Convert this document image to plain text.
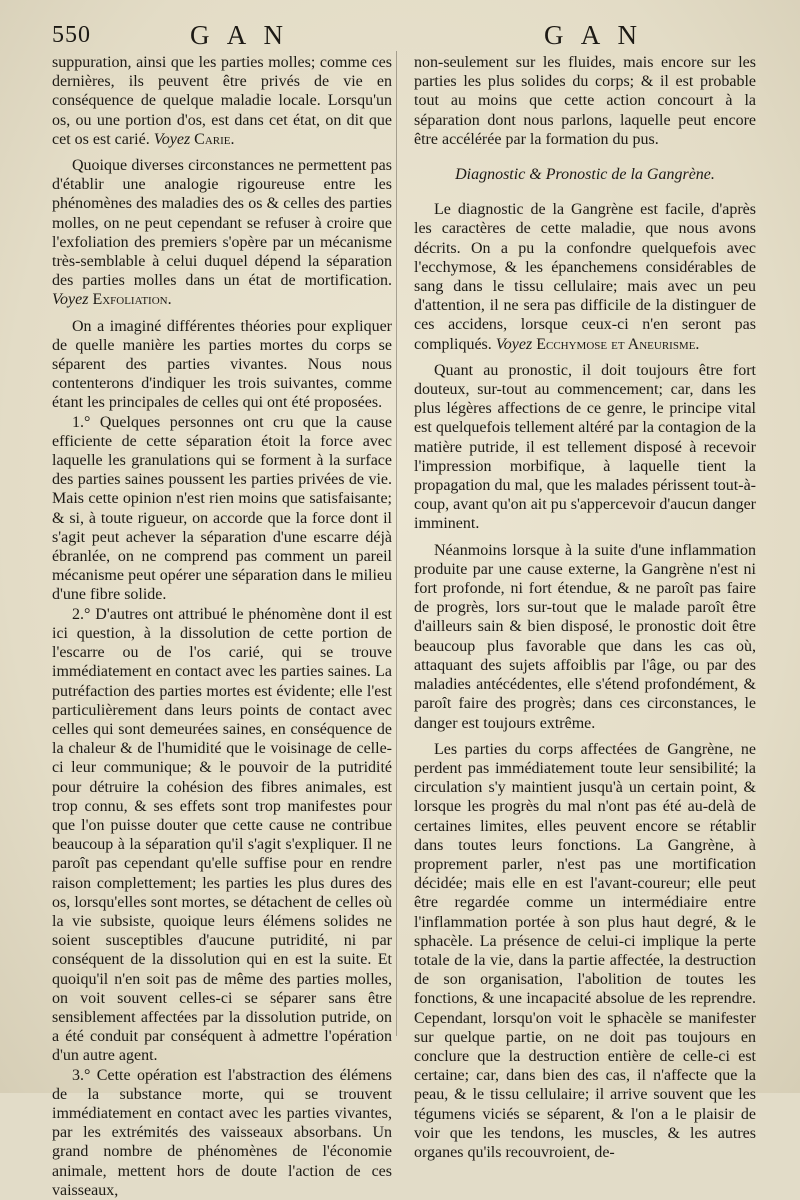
550	G A N	G A N

suppuration, ainsi que les parties molles; comme ces dernières, ils peuvent être privés de vie en conséquence de quelque maladie locale. Lorsqu'un os, ou une portion d'os, est dans cet état, on dit que cet os est carié. Voyez Carie.

Quoique diverses circonstances ne permettent pas d'établir une analogie rigoureuse entre les phénomènes des maladies des os & celles des parties molles, on ne peut cependant se refuser à croire que l'exfoliation des premiers s'opère par un mécanisme très-semblable à celui duquel dépend la séparation des parties molles dans un état de mortification. Voyez Exfoliation.

On a imaginé différentes théories pour expliquer de quelle manière les parties mortes du corps se séparent des parties vivantes. Nous nous contenterons d'indiquer les trois suivantes, comme étant les principales de celles qui ont été proposées.

1.° Quelques personnes ont cru que la cause efficiente de cette séparation étoit la force avec laquelle les granulations qui se forment à la surface des parties saines poussent les parties privées de vie. Mais cette opinion n'est rien moins que satisfaisante; & si, à toute rigueur, on accorde que la force dont il s'agit peut achever la séparation d'une escarre déjà ébranlée, on ne comprend pas comment un pareil mécanisme peut opérer une séparation dans le milieu d'une fibre solide.

2.° D'autres ont attribué le phénomène dont il est ici question, à la dissolution de cette portion de l'escarre ou de l'os carié, qui se trouve immédiatement en contact avec les parties saines. La putréfaction des parties mortes est évidente; elle l'est particulièrement dans leurs points de contact avec celles qui sont demeurées saines, en conséquence de la chaleur & de l'humidité que le voisinage de celle-ci leur communique; & le pouvoir de la putridité pour détruire la cohésion des fibres animales, est trop connu, & ses effets sont trop manifestes pour que l'on puisse douter que cette cause ne contribue beaucoup à la séparation qu'il s'agit s'expliquer. Il ne paroît pas cependant qu'elle suffise pour en rendre raison complettement; les parties les plus dures des os, lorsqu'elles sont mortes, se détachent de celles où la vie subsiste, quoique leurs élémens solides ne soient susceptibles d'aucune putridité, ni par conséquent de la dissolution qui en est la suite. Et quoiqu'il n'en soit pas de même des parties molles, on voit souvent celles-ci se séparer sans être sensiblement affectées par la dissolution putride, on a été conduit par conséquent à admettre l'opération d'un autre agent.

3.° Cette opération est l'abstraction des élémens de la substance morte, qui se trouvent immédiatement en contact avec les parties vivantes, par les extrémités des vaisseaux absorbans. Un grand nombre de phénomènes de l'économie animale, mettent hors de doute l'action de ces vaisseaux,

non-seulement sur les fluides, mais encore sur les parties les plus solides du corps; & il est probable tout au moins que cette action concourt à la séparation dont nous parlons, laquelle peut encore être accélérée par la formation du pus.

Diagnostic & Pronostic de la Gangrène.

Le diagnostic de la Gangrène est facile, d'après les caractères de cette maladie, que nous avons décrits. On a pu la confondre quelquefois avec l'ecchymose, & les épanchemens considérables de sang dans le tissu cellulaire; mais avec un peu d'attention, il ne sera pas difficile de la distinguer de ces accidens, lorsque ceux-ci n'en seront pas compliqués. Voyez Ecchymose et Aneurisme.

Quant au pronostic, il doit toujours être fort douteux, sur-tout au commencement; car, dans les plus légères affections de ce genre, le principe vital est quelquefois tellement altéré par la contagion de la matière putride, il est tellement disposé à recevoir l'impression morbifique, à laquelle tient la propagation du mal, que les malades périssent tout-à-coup, avant qu'on ait pu s'appercevoir d'aucun danger imminent.

Néanmoins lorsque à la suite d'une inflammation produite par une cause externe, la Gangrène n'est ni fort profonde, ni fort étendue, & ne paroît pas faire de progrès, lors sur-tout que le malade paroît être d'ailleurs sain & bien disposé, le pronostic doit être beaucoup plus favorable que dans les cas où, attaquant des sujets affoiblis par l'âge, ou par des maladies antécédentes, elle s'étend profondément, & paroît faire des progrès; dans ces circonstances, le danger est toujours extrême.

Les parties du corps affectées de Gangrène, ne perdent pas immédiatement toute leur sensibilité; la circulation s'y maintient jusqu'à un certain point, & lorsque les progrès du mal n'ont pas été au-delà de certaines limites, elles peuvent encore se rétablir dans toutes leurs fonctions. La Gangrène, à proprement parler, n'est pas une mortification décidée; mais elle en est l'avant-coureur; elle peut être regardée comme un intermédiaire entre l'inflammation portée à son plus haut degré, & le sphacèle. La présence de celui-ci implique la perte totale de la vie, dans la partie affectée, la destruction de son organisation, l'abolition de toutes les fonctions, & une incapacité absolue de les reprendre. Cependant, lorsqu'on voit le sphacèle se manifester sur quelque partie, on ne doit pas toujours en conclure que la destruction entière de celle-ci est certaine; car, dans bien des cas, il n'affecte que la peau, & le tissu cellulaire; il arrive souvent que les tégumens viciés se séparent, & l'on a le plaisir de voir que les tendons, les muscles, & les autres organes qu'ils recouvroient, de-
